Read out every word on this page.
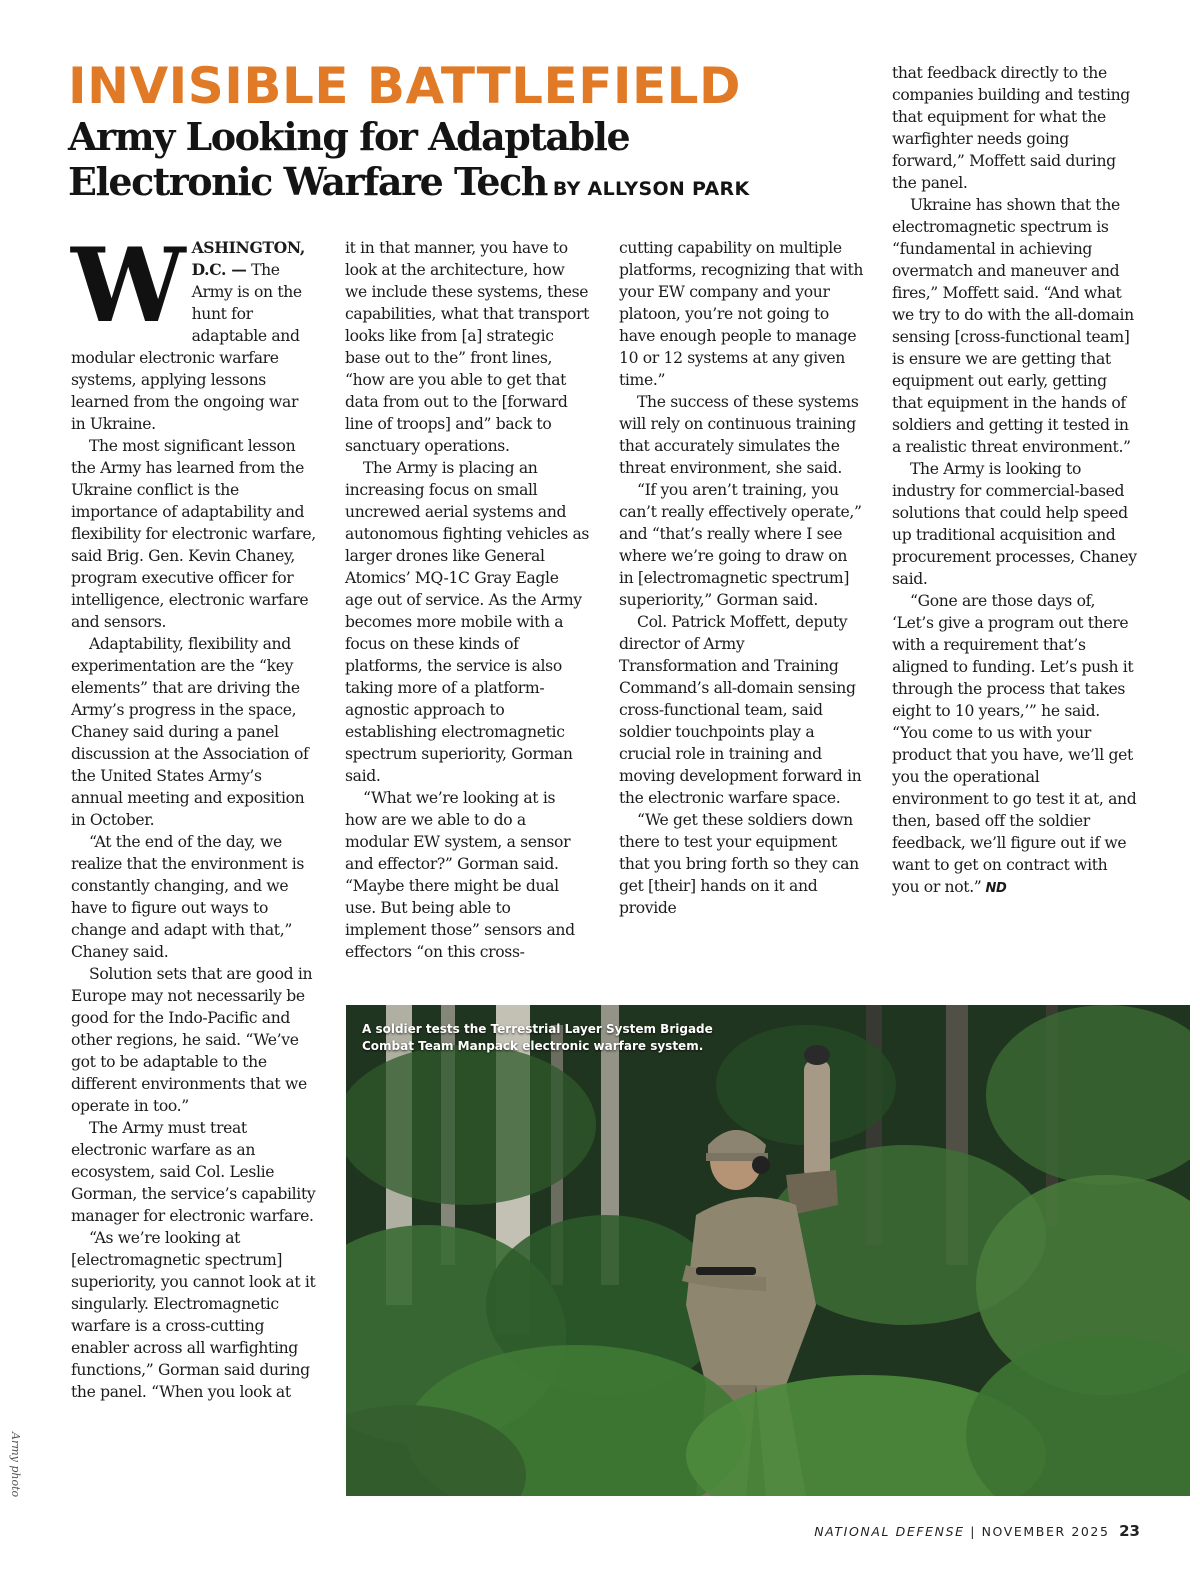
INVISIBLE BATTLEFIELD
Army Looking for Adaptable
Electronic Warfare Tech BY ALLYSON PARK

WASHINGTON, D.C. — The Army is on the hunt for adaptable and modular electronic warfare systems, applying lessons learned from the ongoing war in Ukraine.

The most significant lesson the Army has learned from the Ukraine conflict is the importance of adaptability and flexibility for electronic warfare, said Brig. Gen. Kevin Chaney, program executive officer for intelligence, electronic warfare and sensors.

Adaptability, flexibility and experimentation are the “key elements” that are driving the Army’s progress in the space, Chaney said during a panel discussion at the Association of the United States Army’s annual meeting and exposition in October.

“At the end of the day, we realize that the environment is constantly changing, and we have to figure out ways to change and adapt with that,” Chaney said.

Solution sets that are good in Europe may not necessarily be good for the Indo-Pacific and other regions, he said. “We’ve got to be adaptable to the different environments that we operate in too.”

The Army must treat electronic warfare as an ecosystem, said Col. Leslie Gorman, the service’s capability manager for electronic warfare.

“As we’re looking at [electromagnetic spectrum] superiority, you cannot look at it singularly. Electromagnetic warfare is a cross-cutting enabler across all warfighting functions,” Gorman said during the panel. “When you look at

it in that manner, you have to look at the architecture, how we include these systems, these capabilities, what that transport looks like from [a] strategic base out to the” front lines, “how are you able to get that data from out to the [forward line of troops] and” back to sanctuary operations.

The Army is placing an increasing focus on small uncrewed aerial systems and autonomous fighting vehicles as larger drones like General Atomics’ MQ-1C Gray Eagle age out of service. As the Army becomes more mobile with a focus on these kinds of platforms, the service is also taking more of a platform-agnostic approach to establishing electromagnetic spectrum superiority, Gorman said.

“What we’re looking at is how are we able to do a modular EW system, a sensor and effector?” Gorman said. “Maybe there might be dual use. But being able to implement those” sensors and effectors “on this cross-

cutting capability on multiple platforms, recognizing that with your EW company and your platoon, you’re not going to have enough people to manage 10 or 12 systems at any given time.”

The success of these systems will rely on continuous training that accurately simulates the threat environment, she said.

“If you aren’t training, you can’t really effectively operate,” and “that’s really where I see where we’re going to draw on in [electromagnetic spectrum] superiority,” Gorman said.

Col. Patrick Moffett, deputy director of Army Transformation and Training Command’s all-domain sensing cross-functional team, said soldier touchpoints play a crucial role in training and moving development forward in the electronic warfare space.

“We get these soldiers down there to test your equipment that you bring forth so they can get [their] hands on it and provide

that feedback directly to the companies building and testing that equipment for what the warfighter needs going forward,” Moffett said during the panel.

Ukraine has shown that the electromagnetic spectrum is “fundamental in achieving overmatch and maneuver and fires,” Moffett said. “And what we try to do with the all-domain sensing [cross-functional team] is ensure we are getting that equipment out early, getting that equipment in the hands of soldiers and getting it tested in a realistic threat environment.”

The Army is looking to industry for commercial-based solutions that could help speed up traditional acquisition and procurement processes, Chaney said.

“Gone are those days of, ‘Let’s give a program out there with a requirement that’s aligned to funding. Let’s push it through the process that takes eight to 10 years,’” he said. “You come to us with your product that you have, we’ll get you the operational environment to go test it at, and then, based off the soldier feedback, we’ll figure out if we want to get on contract with you or not.” ND

A soldier tests the Terrestrial Layer System Brigade Combat Team Manpack electronic warfare system.

Army photo
NATIONAL DEFENSE | NOVEMBER 2025 23
